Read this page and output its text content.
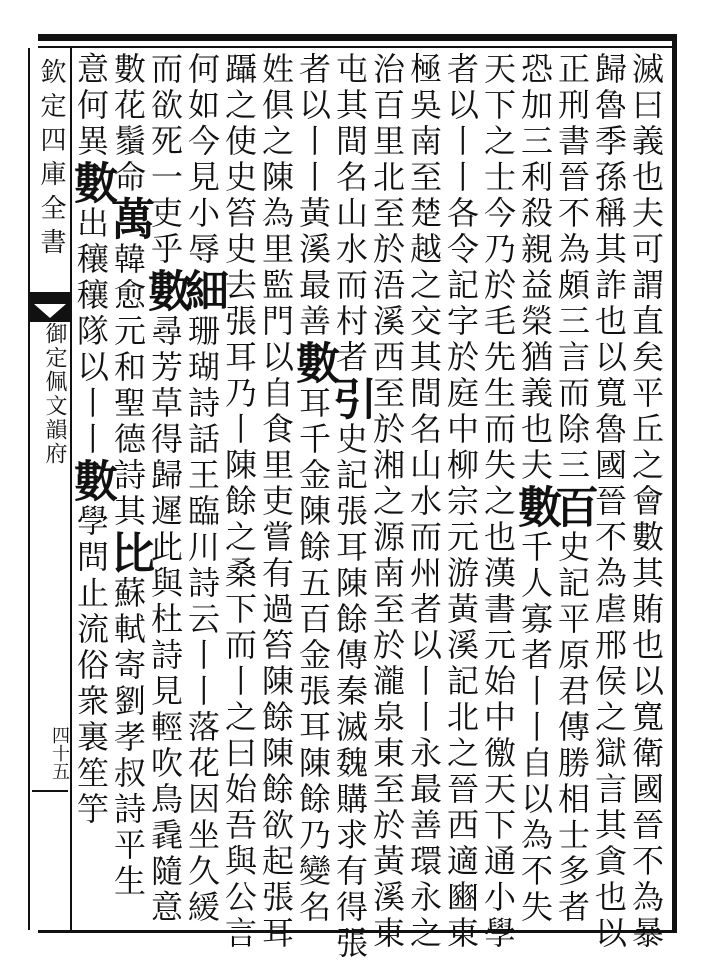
欽定四庫全書
御定佩文韻府
四十五	滅曰義也夫可謂直矣平丘之會數其賄也以寬衛國晉不為暴
歸魯季孫稱其詐也以寬魯國晉不為虐邢侯之獄言其貪也以
正刑書晉不為頗三言而除三百史記平原君傳勝相士多者
恐加三利殺親益榮猶義也夫數千人寡者丨丨自以為不失
天下之士今乃於毛先生而失之也漢書元始中徼天下通小學
者以丨丨各令記字於庭中柳宗元游黃溪記北之晉西適豳東
極吳南至楚越之交其間名山水而州者以丨丨永最善環永之
治百里北至於浯溪西至於湘之源南至於瀧泉東至於黃溪東
屯其間名山水而村者引史記張耳陳餘傳秦滅魏購求有得張
者以丨丨黃溪最善數耳千金陳餘五百金張耳陳餘乃變名
姓俱之陳為里監門以自食里吏嘗有過笞陳餘陳餘欲起張耳
躡之使史笞史去張耳乃丨陳餘之桑下而丨之曰始吾與公言
何如今見小辱細珊瑚詩話王臨川詩云丨丨落花因坐久緩
而欲死一吏乎數尋芳草得歸遲此與杜詩見輕吹鳥毳隨意
數花鬚命萬韓愈元和聖德詩其比蘇軾寄劉孝叔詩平生
意何異數出穰穰隊以丨丨數學問止流俗衆裏笙竽
